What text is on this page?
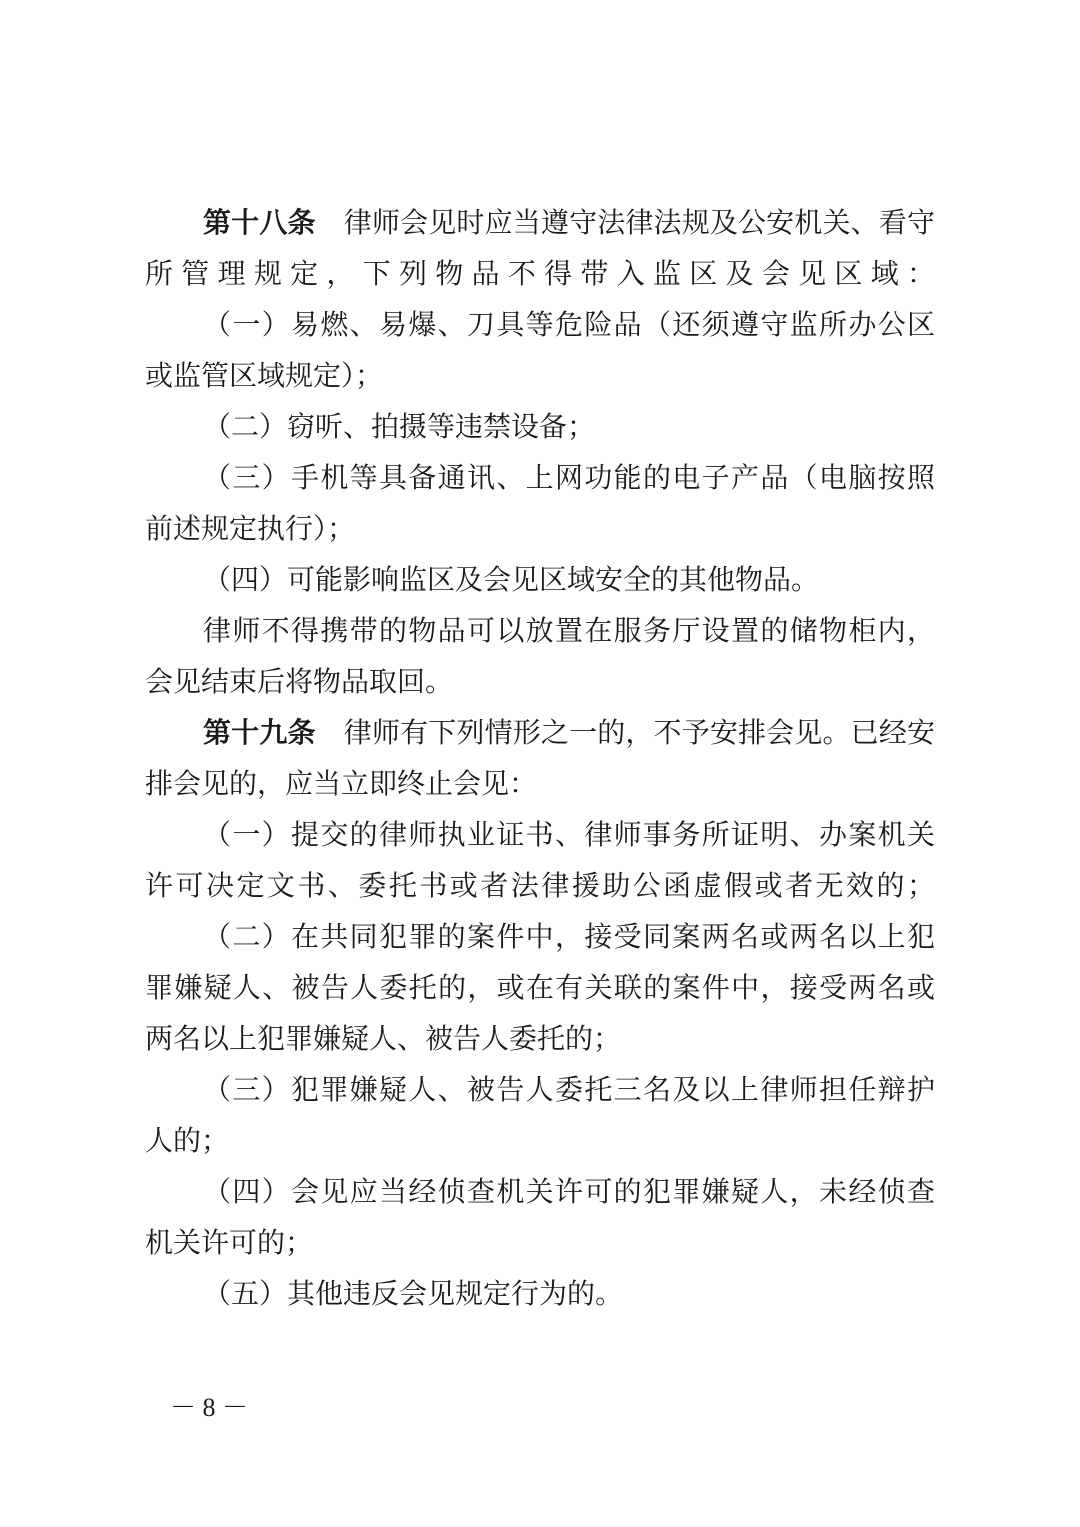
第十八条  律师会见时应当遵守法律法规及公安机关、看守
所管理规定，下列物品不得带入监区及会见区域：
（一）易燃、易爆、刀具等危险品（还须遵守监所办公区
或监管区域规定）；
（二）窃听、拍摄等违禁设备；
（三）手机等具备通讯、上网功能的电子产品（电脑按照
前述规定执行）；
（四）可能影响监区及会见区域安全的其他物品。
律师不得携带的物品可以放置在服务厅设置的储物柜内，
会见结束后将物品取回。
第十九条  律师有下列情形之一的，不予安排会见。已经安
排会见的，应当立即终止会见：
（一）提交的律师执业证书、律师事务所证明、办案机关
许可决定文书、委托书或者法律援助公函虚假或者无效的；
（二）在共同犯罪的案件中，接受同案两名或两名以上犯
罪嫌疑人、被告人委托的，或在有关联的案件中，接受两名或
两名以上犯罪嫌疑人、被告人委托的；
（三）犯罪嫌疑人、被告人委托三名及以上律师担任辩护
人的；
（四）会见应当经侦查机关许可的犯罪嫌疑人，未经侦查
机关许可的；
（五）其他违反会见规定行为的。
－ 8 －
